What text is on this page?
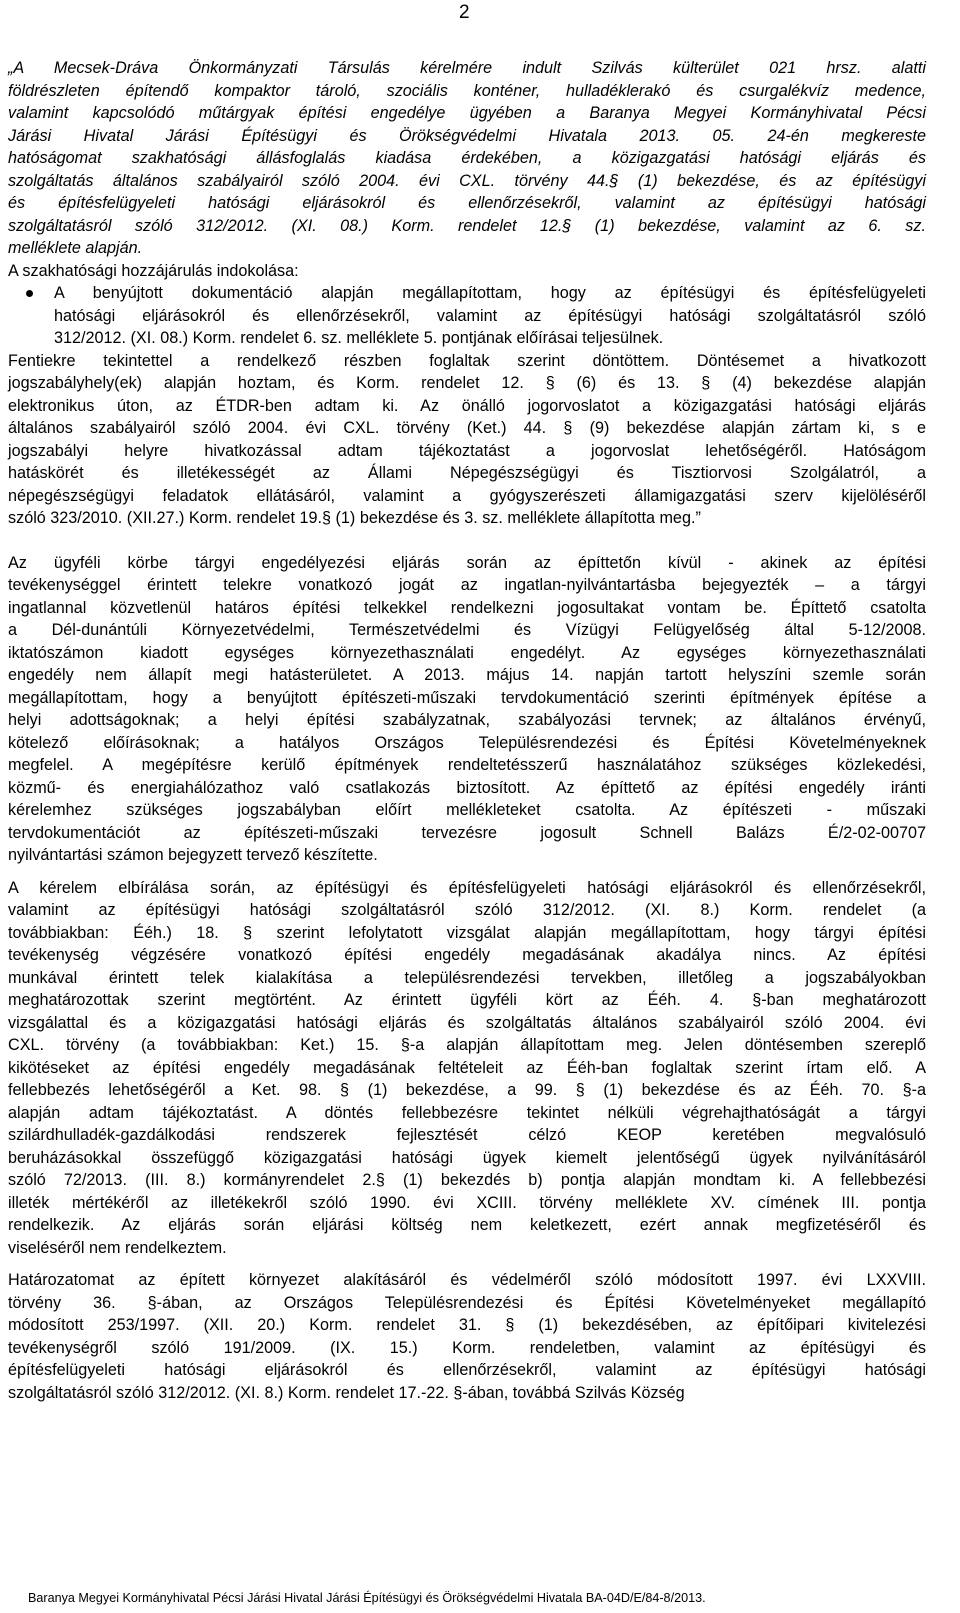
2
„A Mecsek-Dráva Önkormányzati Társulás kérelmére indult Szilvás külterület 021 hrsz. alatti
földrészleten építendő kompaktor tároló, szociális konténer, hulladéklerakó és csurgalékvíz medence,
valamint kapcsolódó műtárgyak építési engedélye ügyében a Baranya Megyei Kormányhivatal Pécsi
Járási Hivatal Járási Építésügyi és Örökségvédelmi Hivatala 2013. 05. 24-én megkereste
hatóságomat szakhatósági állásfoglalás kiadása érdekében, a közigazgatási hatósági eljárás és
szolgáltatás általános szabályairól szóló 2004. évi CXL. törvény 44.§ (1) bekezdése, és az építésügyi
és építésfelügyeleti hatósági eljárásokról és ellenőrzésekről, valamint az építésügyi hatósági
szolgáltatásról szóló 312/2012. (XI. 08.) Korm. rendelet 12.§ (1) bekezdése, valamint az 6. sz.
melléklete alapján.
A szakhatósági hozzájárulás indokolása:
A benyújtott dokumentáció alapján megállapítottam, hogy az építésügyi és építésfelügyeleti
hatósági eljárásokról és ellenőrzésekről, valamint az építésügyi hatósági szolgáltatásról szóló
312/2012. (XI. 08.) Korm. rendelet 6. sz. melléklete 5. pontjának előírásai teljesülnek.
Fentiekre tekintettel a rendelkező részben foglaltak szerint döntöttem. Döntésemet a hivatkozott
jogszabályhely(ek) alapján hoztam, és Korm. rendelet 12. § (6) és 13. § (4) bekezdése alapján
elektronikus úton, az ÉTDR-ben adtam ki. Az önálló jogorvoslatot a közigazgatási hatósági eljárás
általános szabályairól szóló 2004. évi CXL. törvény (Ket.) 44. § (9) bekezdése alapján zártam ki, s e
jogszabályi helyre hivatkozással adtam tájékoztatást a jogorvoslat lehetőségéről. Hatóságom
hatáskörét és illetékességét az Állami Népegészségügyi és Tisztiorvosi Szolgálatról, a
népegészségügyi feladatok ellátásáról, valamint a gyógyszerészeti államigazgatási szerv kijelöléséről
szóló 323/2010. (XII.27.) Korm. rendelet 19.§ (1) bekezdése és 3. sz. melléklete állapította meg.”
Az ügyféli körbe tárgyi engedélyezési eljárás során az építtetőn kívül - akinek az építési
tevékenységgel érintett telekre vonatkozó jogát az ingatlan-nyilvántartásba bejegyezték – a tárgyi
ingatlannal közvetlenül határos építési telkekkel rendelkezni jogosultakat vontam be. Építtető csatolta
a Dél-dunántúli Környezetvédelmi, Természetvédelmi és Vízügyi Felügyelőség által 5-12/2008.
iktatószámon kiadott egységes környezethasználati engedélyt. Az egységes környezethasználati
engedély nem állapít megi hatásterületet. A 2013. május 14. napján tartott helyszíni szemle során
megállapítottam, hogy a benyújtott építészeti-műszaki tervdokumentáció szerinti építmények építése a
helyi adottságoknak; a helyi építési szabályzatnak, szabályozási tervnek; az általános érvényű,
kötelező előírásoknak; a hatályos Országos Településrendezési és Építési Követelményeknek
megfelel. A megépítésre kerülő építmények rendeltetésszerű használatához szükséges közlekedési,
közmű- és energiahálózathoz való csatlakozás biztosított. Az építtető az építési engedély iránti
kérelemhez szükséges jogszabályban előírt mellékleteket csatolta. Az építészeti - műszaki
tervdokumentációt az építészeti-műszaki tervezésre jogosult Schnell Balázs É/2-02-00707
nyilvántartási számon bejegyzett tervező készítette.
A kérelem elbírálása során, az építésügyi és építésfelügyeleti hatósági eljárásokról és ellenőrzésekről,
valamint az építésügyi hatósági szolgáltatásról szóló 312/2012. (XI. 8.) Korm. rendelet (a
továbbiakban: Ééh.) 18. § szerint lefolytatott vizsgálat alapján megállapítottam, hogy tárgyi építési
tevékenység végzésére vonatkozó építési engedély megadásának akadálya nincs. Az építési
munkával érintett telek kialakítása a településrendezési tervekben, illetőleg a jogszabályokban
meghatározottak szerint megtörtént. Az érintett ügyféli kört az Ééh. 4. §-ban meghatározott
vizsgálattal és a közigazgatási hatósági eljárás és szolgáltatás általános szabályairól szóló 2004. évi
CXL. törvény (a továbbiakban: Ket.) 15. §-a alapján állapítottam meg. Jelen döntésemben szereplő
kikötéseket az építési engedély megadásának feltételeit az Ééh-ban foglaltak szerint írtam elő. A
fellebbezés lehetőségéről a Ket. 98. § (1) bekezdése, a 99. § (1) bekezdése és az Ééh. 70. §-a
alapján adtam tájékoztatást. A döntés fellebbezésre tekintet nélküli végrehajthatóságát a tárgyi
szilárdhulladék-gazdálkodási rendszerek fejlesztését célzó KEOP keretében megvalósuló
beruházásokkal összefüggő közigazgatási hatósági ügyek kiemelt jelentőségű ügyek nyilvánításáról
szóló 72/2013. (III. 8.) kormányrendelet 2.§ (1) bekezdés b) pontja alapján mondtam ki. A fellebbezési
illeték mértékéről az illetékekről szóló 1990. évi XCIII. törvény melléklete XV. címének III. pontja
rendelkezik. Az eljárás során eljárási költség nem keletkezett, ezért annak megfizetéséről és
viseléséről nem rendelkeztem.
Határozatomat az épített környezet alakításáról és védelméről szóló módosított 1997. évi LXXVIII.
törvény 36. §-ában, az Országos Településrendezési és Építési Követelményeket megállapító
módosított 253/1997. (XII. 20.) Korm. rendelet 31. § (1) bekezdésében, az építőipari kivitelezési
tevékenységről szóló 191/2009. (IX. 15.) Korm. rendeletben, valamint az építésügyi és
építésfelügyeleti hatósági eljárásokról és ellenőrzésekről, valamint az építésügyi hatósági
szolgáltatásról szóló 312/2012. (XI. 8.) Korm. rendelet 17.-22. §-ában, továbbá Szilvás Község
Baranya Megyei Kormányhivatal Pécsi Járási Hivatal Járási Építésügyi és Örökségvédelmi Hivatala BA-04D/E/84-8/2013.
